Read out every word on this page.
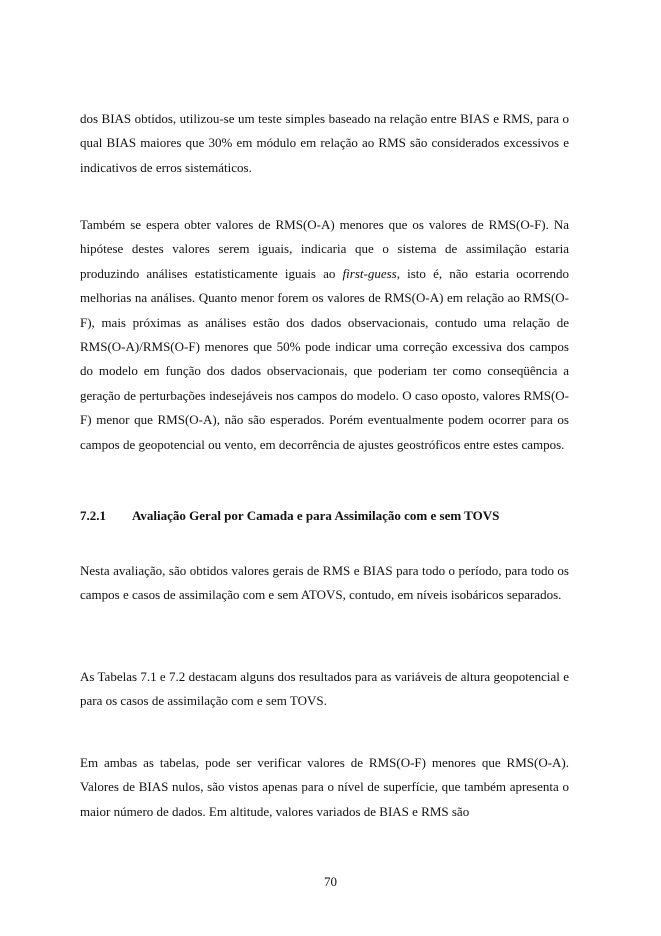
dos BIAS obtidos, utilizou-se um teste simples baseado na relação entre BIAS e RMS, para o qual BIAS maiores que 30% em módulo em relação ao RMS são considerados excessivos e indicativos de erros sistemáticos.

Também se espera obter valores de RMS(O-A) menores que os valores de RMS(O-F). Na hipótese destes valores serem iguais, indicaria que o sistema de assimilação estaria produzindo análises estatisticamente iguais ao first-guess, isto é, não estaria ocorrendo melhorias na análises. Quanto menor forem os valores de RMS(O-A) em relação ao RMS(O-F), mais próximas as análises estão dos dados observacionais, contudo uma relação de RMS(O-A)/RMS(O-F) menores que 50% pode indicar uma correção excessiva dos campos do modelo em função dos dados observacionais, que poderiam ter como conseqüência a geração de perturbações indesejáveis nos campos do modelo. O caso oposto, valores RMS(O-F) menor que RMS(O-A), não são esperados. Porém eventualmente podem ocorrer para os campos de geopotencial ou vento, em decorrência de ajustes geostróficos entre estes campos.

7.2.1 Avaliação Geral por Camada e para Assimilação com e sem TOVS

Nesta avaliação, são obtidos valores gerais de RMS e BIAS para todo o período, para todo os campos e casos de assimilação com e sem ATOVS, contudo, em níveis isobáricos separados.

As Tabelas 7.1 e 7.2 destacam alguns dos resultados para as variáveis de altura geopotencial e para os casos de assimilação com e sem TOVS.

Em ambas as tabelas, pode ser verificar valores de RMS(O-F) menores que RMS(O-A). Valores de BIAS nulos, são vistos apenas para o nível de superfície, que também apresenta o maior número de dados. Em altitude, valores variados de BIAS e RMS são

70
